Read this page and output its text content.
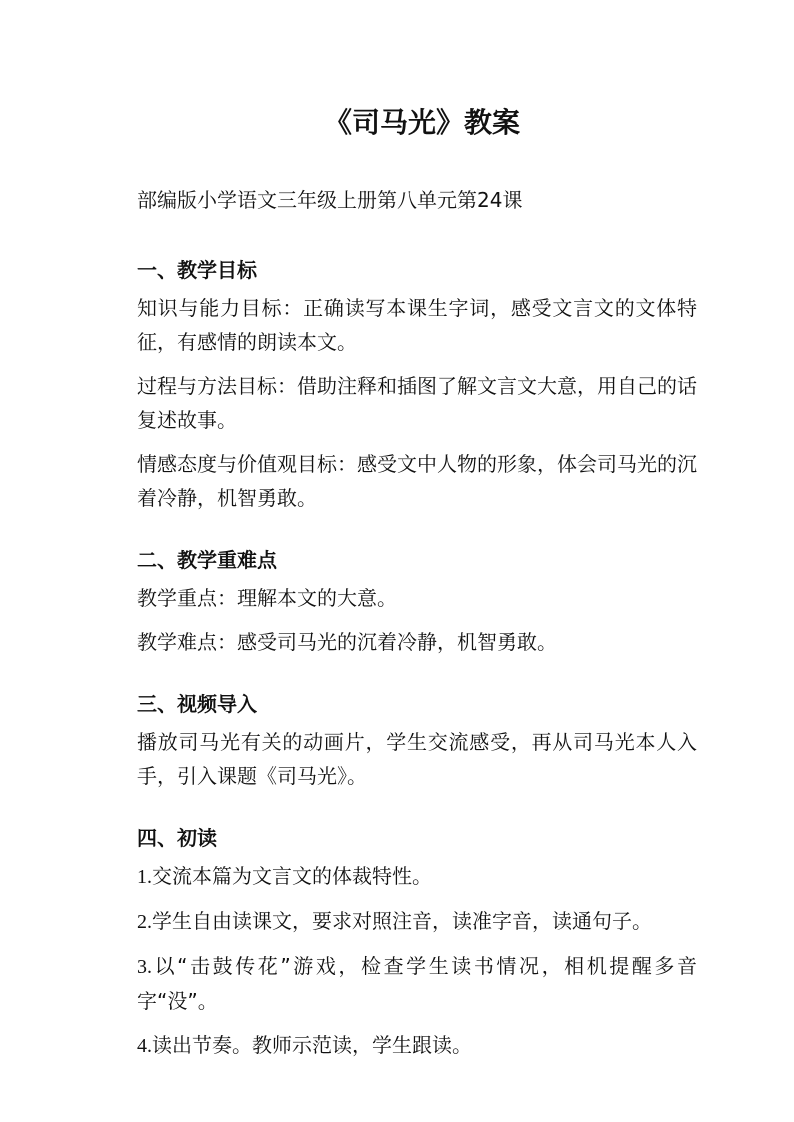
《司马光》教案
部编版小学语文三年级上册第八单元第24课
一、教学目标
知识与能力目标：正确读写本课生字词，感受文言文的文体特征，有感情的朗读本文。
过程与方法目标：借助注释和插图了解文言文大意，用自己的话复述故事。
情感态度与价值观目标：感受文中人物的形象，体会司马光的沉着冷静，机智勇敢。
二、教学重难点
教学重点：理解本文的大意。
教学难点：感受司马光的沉着冷静，机智勇敢。
三、视频导入
播放司马光有关的动画片，学生交流感受，再从司马光本人入手，引入课题《司马光》。
四、初读
1.交流本篇为文言文的体裁特性。
2.学生自由读课文，要求对照注音，读准字音，读通句子。
3.以“击鼓传花”游戏，检查学生读书情况，相机提醒多音字“没”。
4.读出节奏。教师示范读，学生跟读。
